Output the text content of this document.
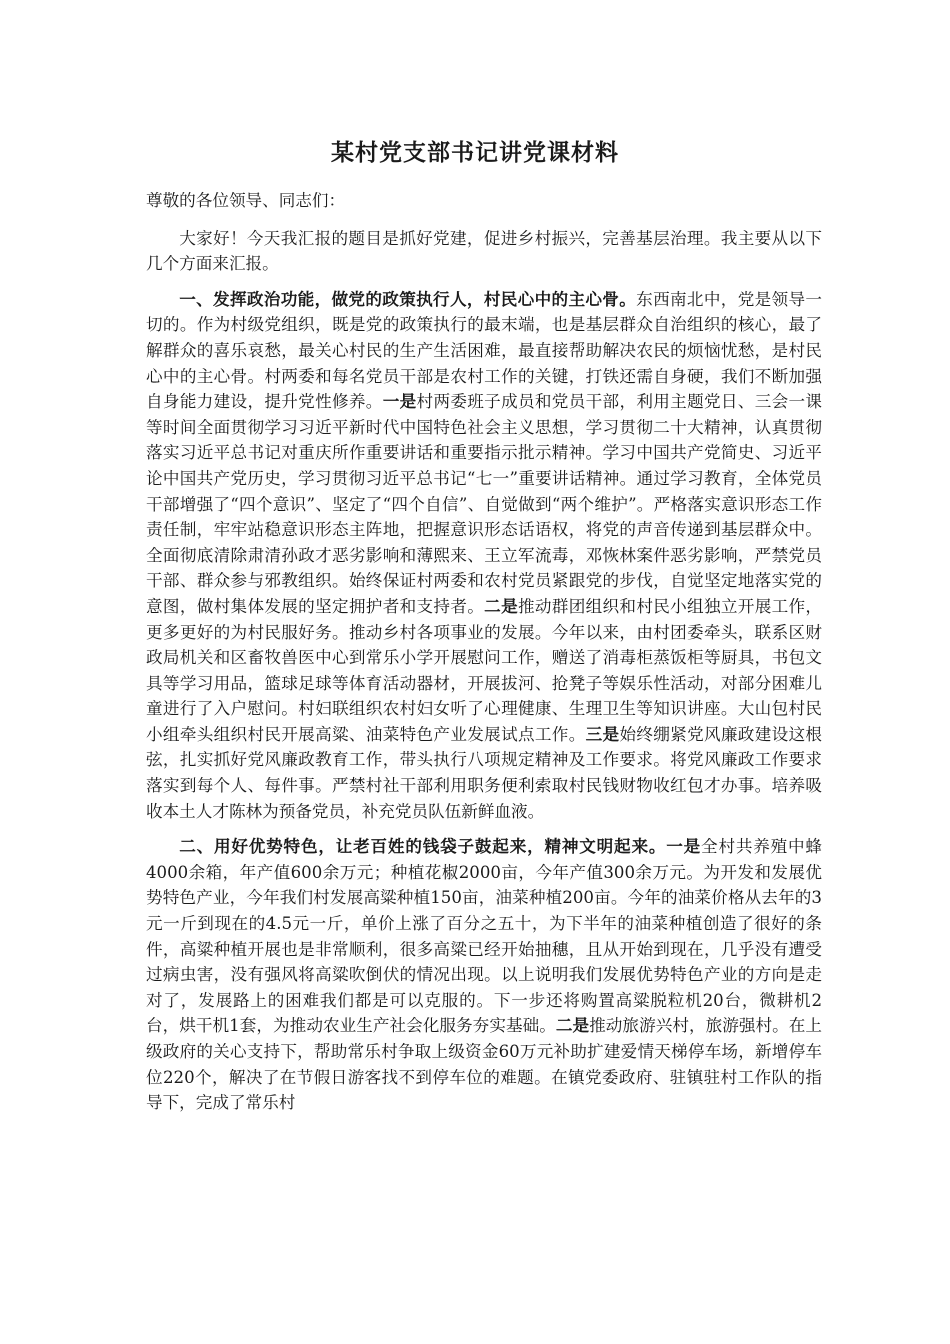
某村党支部书记讲党课材料

尊敬的各位领导、同志们：

大家好！今天我汇报的题目是抓好党建，促进乡村振兴，完善基层治理。我主要从以下几个方面来汇报。

一、发挥政治功能，做党的政策执行人，村民心中的主心骨。东西南北中，党是领导一切的。作为村级党组织，既是党的政策执行的最末端，也是基层群众自治组织的核心，最了解群众的喜乐哀愁，最关心村民的生产生活困难，最直接帮助解决农民的烦恼忧愁，是村民心中的主心骨。村两委和每名党员干部是农村工作的关键，打铁还需自身硬，我们不断加强自身能力建设，提升党性修养。一是村两委班子成员和党员干部，利用主题党日、三会一课等时间全面贯彻学习习近平新时代中国特色社会主义思想，学习贯彻二十大精神，认真贯彻落实习近平总书记对重庆所作重要讲话和重要指示批示精神。学习中国共产党简史、习近平论中国共产党历史，学习贯彻习近平总书记“七一”重要讲话精神。通过学习教育，全体党员干部增强了“四个意识”、坚定了“四个自信”、自觉做到“两个维护”。严格落实意识形态工作责任制，牢牢站稳意识形态主阵地，把握意识形态话语权，将党的声音传递到基层群众中。全面彻底清除肃清孙政才恶劣影响和薄熙来、王立军流毒，邓恢林案件恶劣影响，严禁党员干部、群众参与邪教组织。始终保证村两委和农村党员紧跟党的步伐，自觉坚定地落实党的意图，做村集体发展的坚定拥护者和支持者。二是推动群团组织和村民小组独立开展工作，更多更好的为村民服好务。推动乡村各项事业的发展。今年以来，由村团委牵头，联系区财政局机关和区畜牧兽医中心到常乐小学开展慰问工作，赠送了消毒柜蒸饭柜等厨具，书包文具等学习用品，篮球足球等体育活动器材，开展拔河、抢凳子等娱乐性活动，对部分困难儿童进行了入户慰问。村妇联组织农村妇女听了心理健康、生理卫生等知识讲座。大山包村民小组牵头组织村民开展高粱、油菜特色产业发展试点工作。三是始终绷紧党风廉政建设这根弦，扎实抓好党风廉政教育工作，带头执行八项规定精神及工作要求。将党风廉政工作要求落实到每个人、每件事。严禁村社干部利用职务便利索取村民钱财物收红包才办事。培养吸收本土人才陈林为预备党员，补充党员队伍新鲜血液。

二、用好优势特色，让老百姓的钱袋子鼓起来，精神文明起来。一是全村共养殖中蜂4000余箱，年产值600余万元；种植花椒2000亩，今年产值300余万元。为开发和发展优势特色产业，今年我们村发展高粱种植150亩，油菜种植200亩。今年的油菜价格从去年的3元一斤到现在的4.5元一斤，单价上涨了百分之五十，为下半年的油菜种植创造了很好的条件，高粱种植开展也是非常顺利，很多高粱已经开始抽穗，且从开始到现在，几乎没有遭受过病虫害，没有强风将高粱吹倒伏的情况出现。以上说明我们发展优势特色产业的方向是走对了，发展路上的困难我们都是可以克服的。下一步还将购置高粱脱粒机20台，微耕机2台，烘干机1套，为推动农业生产社会化服务夯实基础。二是推动旅游兴村，旅游强村。在上级政府的关心支持下，帮助常乐村争取上级资金60万元补助扩建爱情天梯停车场，新增停车位220个，解决了在节假日游客找不到停车位的难题。在镇党委政府、驻镇驻村工作队的指导下，完成了常乐村
